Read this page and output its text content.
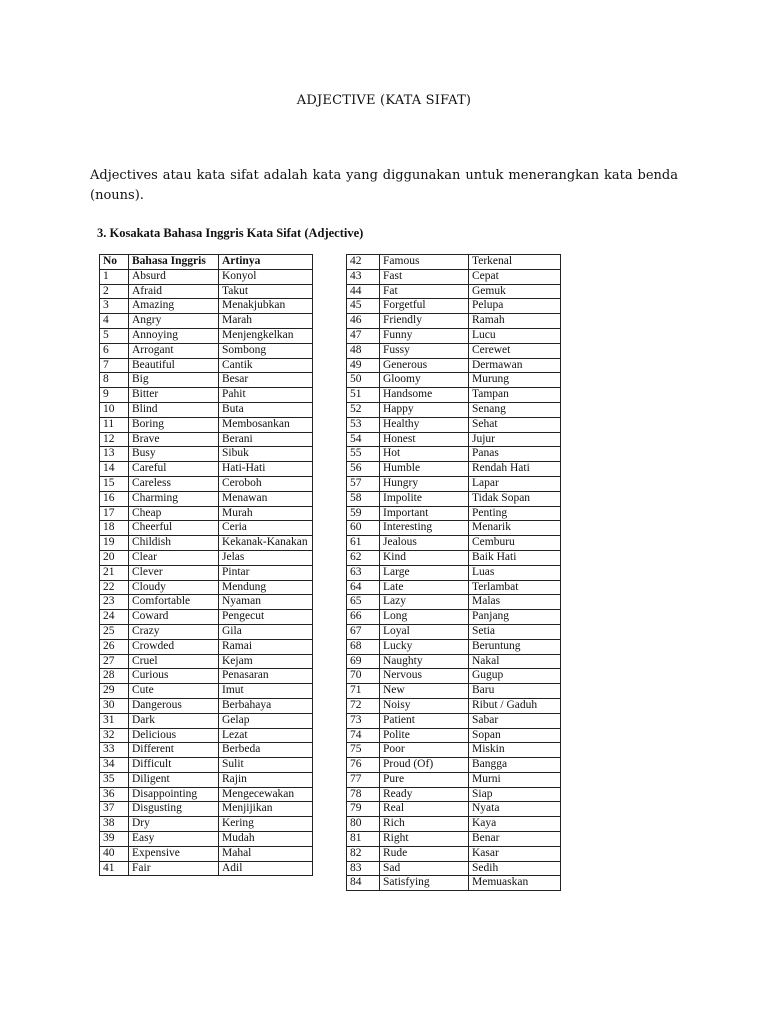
ADJECTIVE (KATA SIFAT)
Adjectives atau kata sifat adalah kata yang diggunakan untuk menerangkan kata benda (nouns).
3. Kosakata Bahasa Inggris Kata Sifat (Adjective)
No	Bahasa Inggris	Artinya
1	Absurd	Konyol
2	Afraid	Takut
3	Amazing	Menakjubkan
4	Angry	Marah
5	Annoying	Menjengkelkan
6	Arrogant	Sombong
7	Beautiful	Cantik
8	Big	Besar
9	Bitter	Pahit
10	Blind	Buta
11	Boring	Membosankan
12	Brave	Berani
13	Busy	Sibuk
14	Careful	Hati-Hati
15	Careless	Ceroboh
16	Charming	Menawan
17	Cheap	Murah
18	Cheerful	Ceria
19	Childish	Kekanak-Kanakan
20	Clear	Jelas
21	Clever	Pintar
22	Cloudy	Mendung
23	Comfortable	Nyaman
24	Coward	Pengecut
25	Crazy	Gila
26	Crowded	Ramai
27	Cruel	Kejam
28	Curious	Penasaran
29	Cute	Imut
30	Dangerous	Berbahaya
31	Dark	Gelap
32	Delicious	Lezat
33	Different	Berbeda
34	Difficult	Sulit
35	Diligent	Rajin
36	Disappointing	Mengecewakan
37	Disgusting	Menjijikan
38	Dry	Kering
39	Easy	Mudah
40	Expensive	Mahal
41	Fair	Adil
42	Famous	Terkenal
43	Fast	Cepat
44	Fat	Gemuk
45	Forgetful	Pelupa
46	Friendly	Ramah
47	Funny	Lucu
48	Fussy	Cerewet
49	Generous	Dermawan
50	Gloomy	Murung
51	Handsome	Tampan
52	Happy	Senang
53	Healthy	Sehat
54	Honest	Jujur
55	Hot	Panas
56	Humble	Rendah Hati
57	Hungry	Lapar
58	Impolite	Tidak Sopan
59	Important	Penting
60	Interesting	Menarik
61	Jealous	Cemburu
62	Kind	Baik Hati
63	Large	Luas
64	Late	Terlambat
65	Lazy	Malas
66	Long	Panjang
67	Loyal	Setia
68	Lucky	Beruntung
69	Naughty	Nakal
70	Nervous	Gugup
71	New	Baru
72	Noisy	Ribut / Gaduh
73	Patient	Sabar
74	Polite	Sopan
75	Poor	Miskin
76	Proud (Of)	Bangga
77	Pure	Murni
78	Ready	Siap
79	Real	Nyata
80	Rich	Kaya
81	Right	Benar
82	Rude	Kasar
83	Sad	Sedih
84	Satisfying	Memuaskan
